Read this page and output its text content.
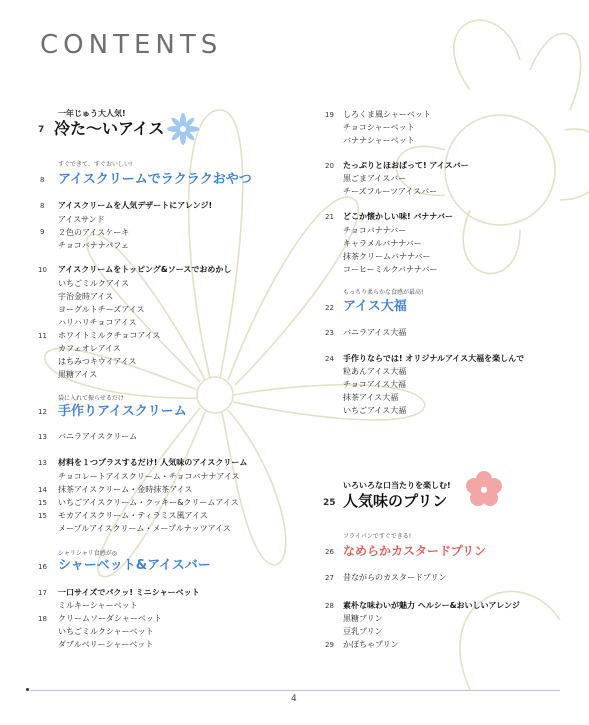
CONTENTS
一年じゅう大人気!
7 冷た〜いアイス
すぐできて、すぐおいしい!
8 アイスクリームでラクラクおやつ
8 アイスクリームを人気デザートにアレンジ!
アイスサンド
9 ２色のアイスケーキ
チョコバナナパフェ
10 アイスクリームをトッピング&ソースでおめかし
いちごミルクアイス
宇治金時アイス
ヨーグルトチーズアイス
ハリハリチョコアイス
11 ホワイトミルクチョコアイス
カフェオレアイス
はちみつキウイアイス
黒糖アイス
袋に入れて振らせるだけ
12 手作りアイスクリーム
13 バニラアイスクリーム
13 材料を１つプラスするだけ! 人気味のアイスクリーム
チョコレートアイスクリーム・チョコバナナアイス
14 抹茶アイスクリーム・金時抹茶アイス
15 いちごアイスクリーム・クッキー&クリームアイス
15 モカアイスクリーム・ティラミス風アイス
メープルアイスクリーム・メープルナッツアイス
シャリシャリ食感が◎
16 シャーベット&アイスバー
17 一口サイズでパクッ! ミニシャーベット
ミルキーシャーベット
18 クリームソーダシャーベット
いちごミルクシャーベット
ダブルベリーシャーベット
19 しろくま風シャーベット
チョコシャーベット
バナナシャーベット
20 たっぷりとほおばって! アイスバー
黒ごまアイスバー
チーズフルーツアイスバー
21 どこか懐かしい味! バナナバー
チョコバナナバー
キャラメルバナナバー
抹茶クリームバナナバー
コーヒーミルクバナナバー
もっちり柔らかな食感が最高!
22 アイス大福
23 バニラアイス大福
24 手作りならでは! オリジナルアイス大福を楽しんで
粒あんアイス大福
チョコアイス大福
抹茶アイス大福
いちごアイス大福
いろいろな口当たりを楽しむ!
25 人気味のプリン
フライパンですぐできる!
26 なめらかカスタードプリン
27 昔ながらのカスタードプリン
28 素朴な味わいが魅力 ヘルシー&おいしいアレンジ
黒糖プリン
豆乳プリン
29 かぼちゃプリン
4
